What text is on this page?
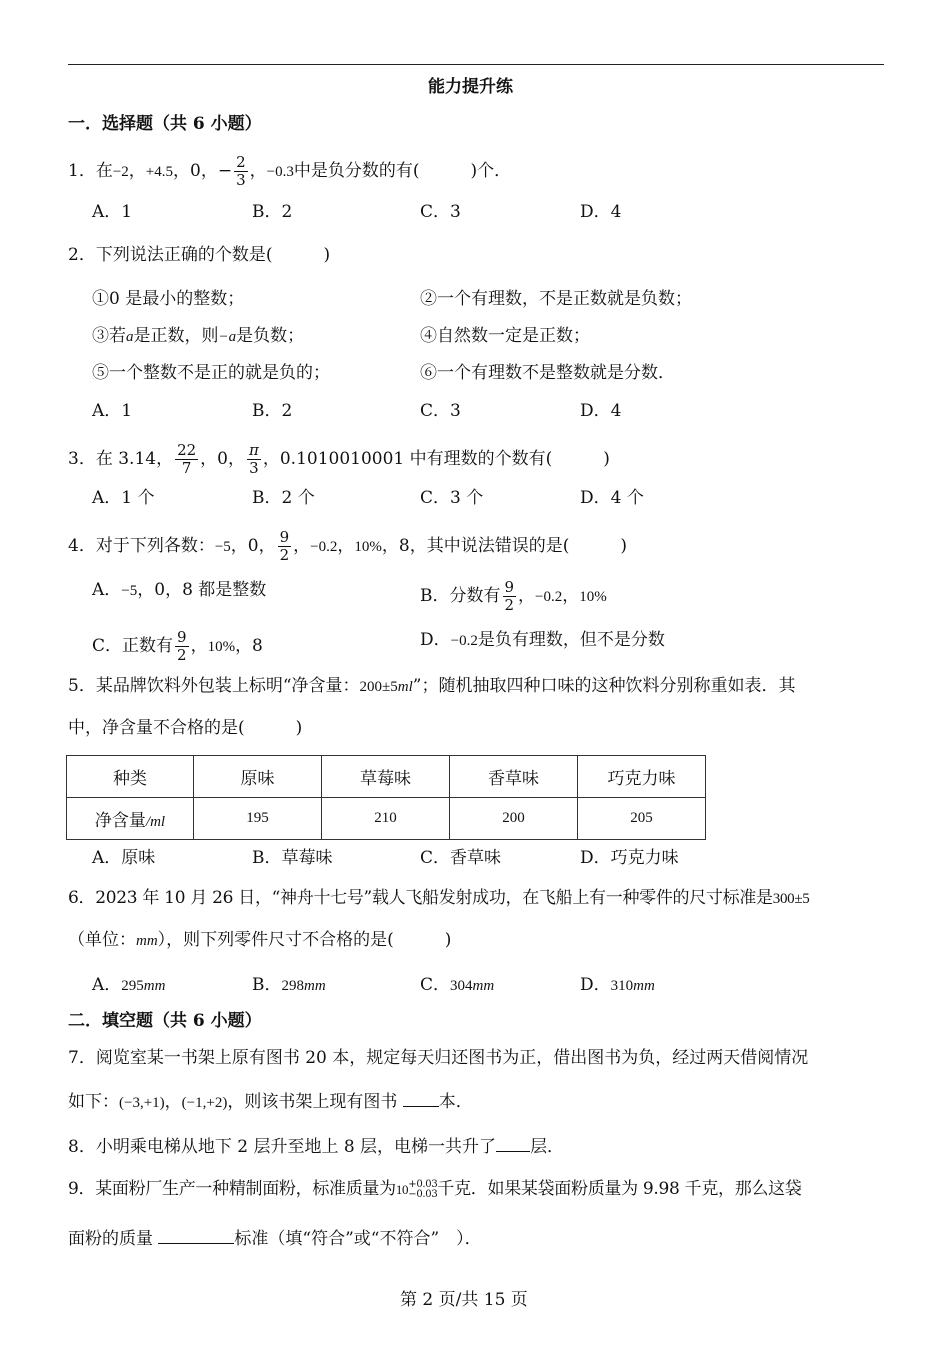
能力提升练
一．选择题（共 6 小题）
1．在−2，+4.5，0，− $\frac{2}{3}$ ，−0.3中是负分数的有(　　　)个．
A．1	B．2	C．3	D．4
2．下列说法正确的个数是(　　　)
①0 是最小的整数；	②一个有理数，不是正数就是负数；
③若a是正数，则−a是负数；	④自然数一定是正数；
⑤一个整数不是正的就是负的；	⑥一个有理数不是整数就是分数．
A．1	B．2	C．3	D．4
3．在 3.14， $\frac{22}{7}$ ，0， $\frac{\pi}{3}$ ，0.1010010001 中有理数的个数有(　　　)
A．1 个	B．2 个	C．3 个	D．4 个
4．对于下列各数：−5，0， $\frac{9}{2}$ ，−0.2，10%，8，其中说法错误的是(　　　)
A．−5，0，8 都是整数	B．分数有 $\frac{9}{2}$ ，−0.2，10%
C．正数有 $\frac{9}{2}$ ，10%，8	D．−0.2是负有理数，但不是分数
5．某品牌饮料外包装上标明“净含量：200±5ml”；随机抽取四种口味的这种饮料分别称重如表．其
中，净含量不合格的是(　　　)
种类	原味	草莓味	香草味	巧克力味
净含量/ml	195	210	200	205
A．原味	B．草莓味	C．香草味	D．巧克力味
6．2023 年 10 月 26 日，“神舟十七号”载人飞船发射成功，在飞船上有一种零件的尺寸标准是300±5
（单位：mm），则下列零件尺寸不合格的是(　　　)
A．295mm	B．298mm	C．304mm	D．310mm
二．填空题（共 6 小题）
7．阅览室某一书架上原有图书 20 本，规定每天归还图书为正，借出图书为负，经过两天借阅情况
如下：(−3,+1)，(−1,+2)，则该书架上现有图书 本．
8．小明乘电梯从地下 2 层升至地上 8 层，电梯一共升了 层．
9．某面粉厂生产一种精制面粉，标准质量为10 +0.03
−0.03 千克．如果某袋面粉质量为 9.98 千克，那么这袋
面粉的质量	标准（填“符合”或“不符合”　）．
第 2 页/共 15 页
